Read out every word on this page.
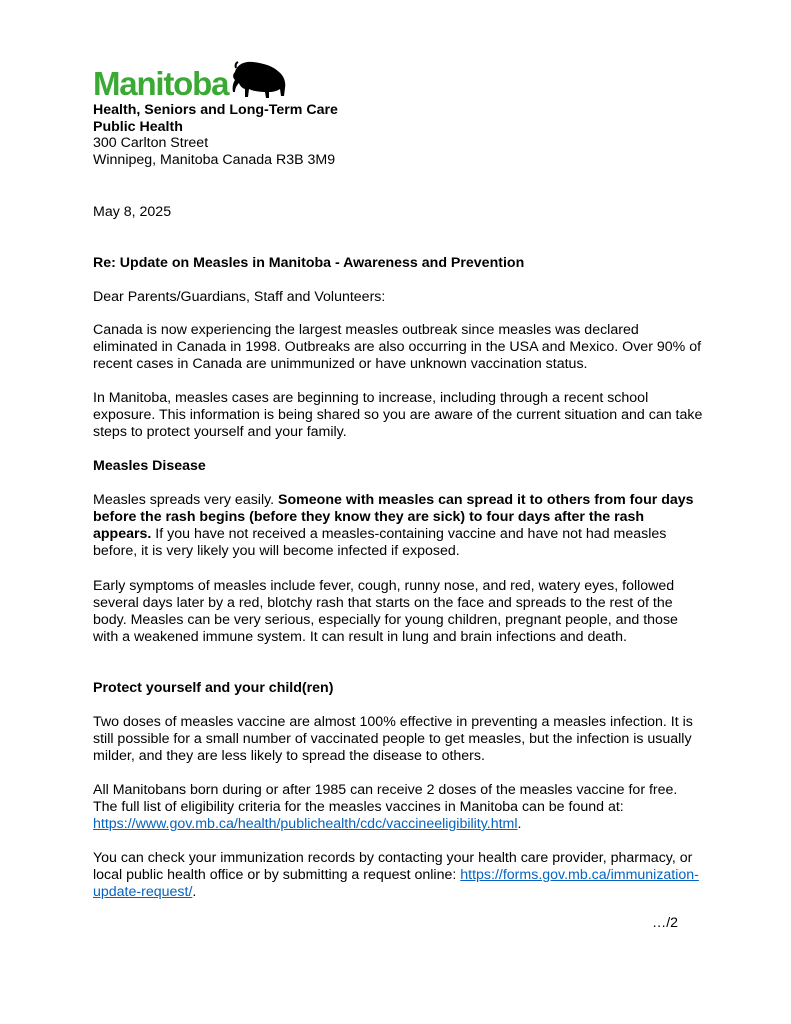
Manitoba
Health, Seniors and Long-Term Care
Public Health
300 Carlton Street
Winnipeg, Manitoba Canada R3B 3M9
May 8, 2025
Re: Update on Measles in Manitoba - Awareness and Prevention
Dear Parents/Guardians, Staff and Volunteers:
Canada is now experiencing the largest measles outbreak since measles was declared eliminated in Canada in 1998. Outbreaks are also occurring in the USA and Mexico. Over 90% of recent cases in Canada are unimmunized or have unknown vaccination status.
In Manitoba, measles cases are beginning to increase, including through a recent school exposure. This information is being shared so you are aware of the current situation and can take steps to protect yourself and your family.
Measles Disease
Measles spreads very easily. Someone with measles can spread it to others from four days before the rash begins (before they know they are sick) to four days after the rash appears. If you have not received a measles-containing vaccine and have not had measles before, it is very likely you will become infected if exposed.
Early symptoms of measles include fever, cough, runny nose, and red, watery eyes, followed several days later by a red, blotchy rash that starts on the face and spreads to the rest of the body. Measles can be very serious, especially for young children, pregnant people, and those with a weakened immune system. It can result in lung and brain infections and death.
Protect yourself and your child(ren)
Two doses of measles vaccine are almost 100% effective in preventing a measles infection. It is still possible for a small number of vaccinated people to get measles, but the infection is usually milder, and they are less likely to spread the disease to others.
All Manitobans born during or after 1985 can receive 2 doses of the measles vaccine for free. The full list of eligibility criteria for the measles vaccines in Manitoba can be found at: https://www.gov.mb.ca/health/publichealth/cdc/vaccineeligibility.html.
You can check your immunization records by contacting your health care provider, pharmacy, or local public health office or by submitting a request online: https://forms.gov.mb.ca/immunization-update-request/.
…/2
